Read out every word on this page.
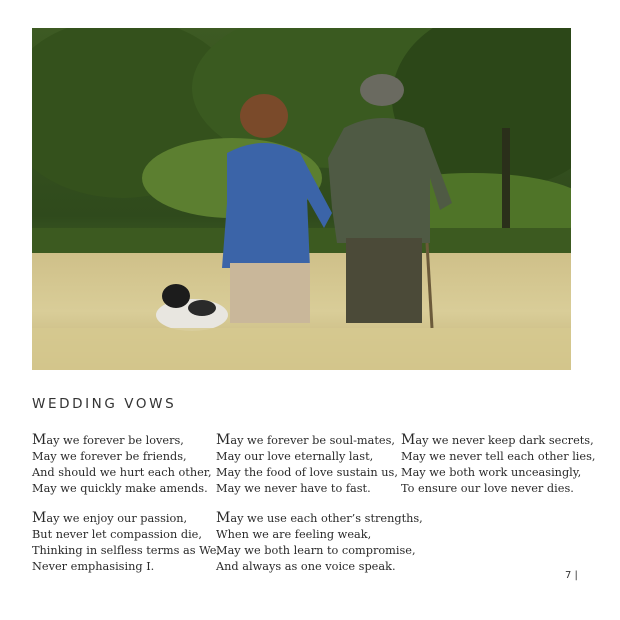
WEDDING VOWS
May we forever be lovers,
May we forever be friends,
And should we hurt each other,
May we quickly make amends.
May we enjoy our passion,
But never let compassion die,
Thinking in selfless terms as We,
Never emphasising I.
May we forever be soul-mates,
May our love eternally last,
May the food of love sustain us,
May we never have to fast.
May we use each other’s strengths,
When we are feeling weak,
May we both learn to compromise,
And always as one voice speak.
May we never keep dark secrets,
May we never tell each other lies,
May we both work unceasingly,
To ensure our love never dies.
7 |
